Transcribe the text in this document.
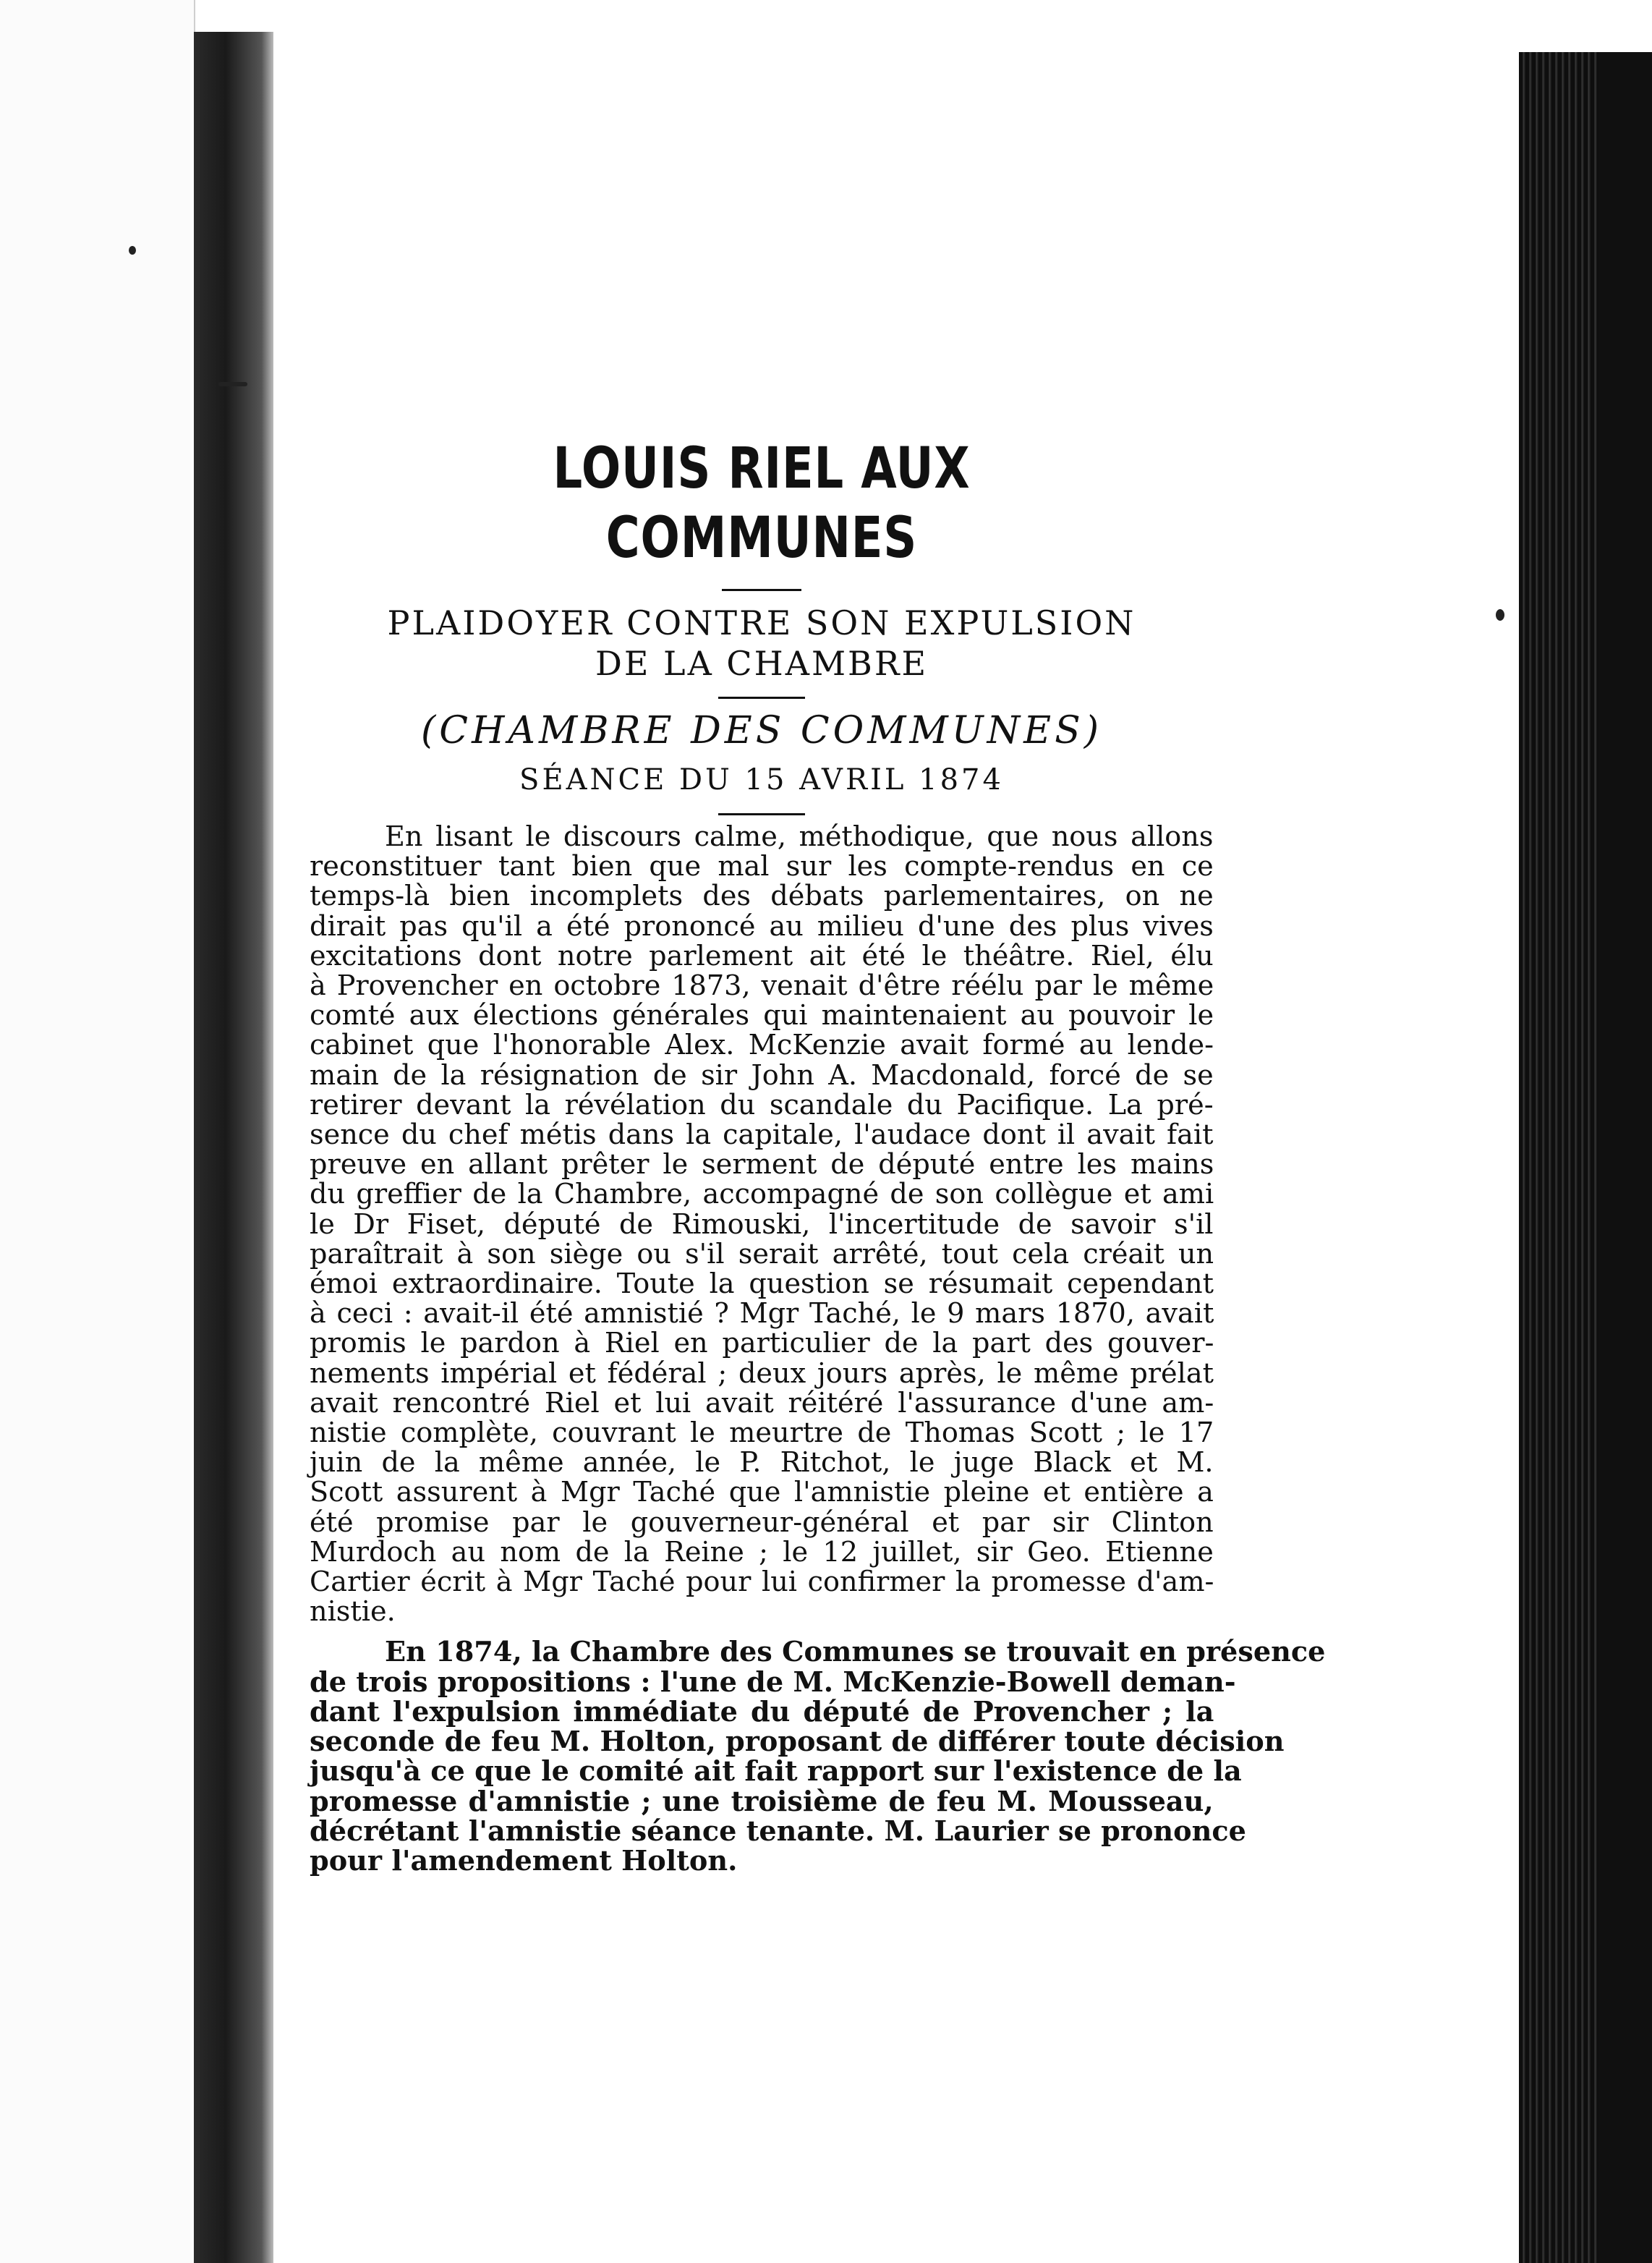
LOUIS RIEL AUX COMMUNES
PLAIDOYER CONTRE SON EXPULSION
DE LA CHAMBRE
(CHAMBRE DES COMMUNES)
SÉANCE DU 15 AVRIL 1874
En lisant le discours calme, méthodique, que nous allons
reconstituer tant bien que mal sur les compte-rendus en ce
temps-là bien incomplets des débats parlementaires, on ne
dirait pas qu'il a été prononcé au milieu d'une des plus vives
excitations dont notre parlement ait été le théâtre. Riel, élu
à Provencher en octobre 1873, venait d'être réélu par le même
comté aux élections générales qui maintenaient au pouvoir le
cabinet que l'honorable Alex. McKenzie avait formé au lende-
main de la résignation de sir John A. Macdonald, forcé de se
retirer devant la révélation du scandale du Pacifique. La pré-
sence du chef métis dans la capitale, l'audace dont il avait fait
preuve en allant prêter le serment de député entre les mains
du greffier de la Chambre, accompagné de son collègue et ami
le Dr Fiset, député de Rimouski, l'incertitude de savoir s'il
paraîtrait à son siège ou s'il serait arrêté, tout cela créait un
émoi extraordinaire. Toute la question se résumait cependant
à ceci : avait-il été amnistié ? Mgr Taché, le 9 mars 1870, avait
promis le pardon à Riel en particulier de la part des gouver-
nements impérial et fédéral ; deux jours après, le même prélat
avait rencontré Riel et lui avait réitéré l'assurance d'une am-
nistie complète, couvrant le meurtre de Thomas Scott ; le 17
juin de la même année, le P. Ritchot, le juge Black et M.
Scott assurent à Mgr Taché que l'amnistie pleine et entière a
été promise par le gouverneur-général et par sir Clinton
Murdoch au nom de la Reine ; le 12 juillet, sir Geo. Etienne
Cartier écrit à Mgr Taché pour lui confirmer la promesse d'am-
nistie.
En 1874, la Chambre des Communes se trouvait en présence
de trois propositions : l'une de M. McKenzie-Bowell deman-
dant l'expulsion immédiate du député de Provencher ; la
seconde de feu M. Holton, proposant de différer toute décision
jusqu'à ce que le comité ait fait rapport sur l'existence de la
promesse d'amnistie ; une troisième de feu M. Mousseau,
décrétant l'amnistie séance tenante. M. Laurier se prononce
pour l'amendement Holton.
